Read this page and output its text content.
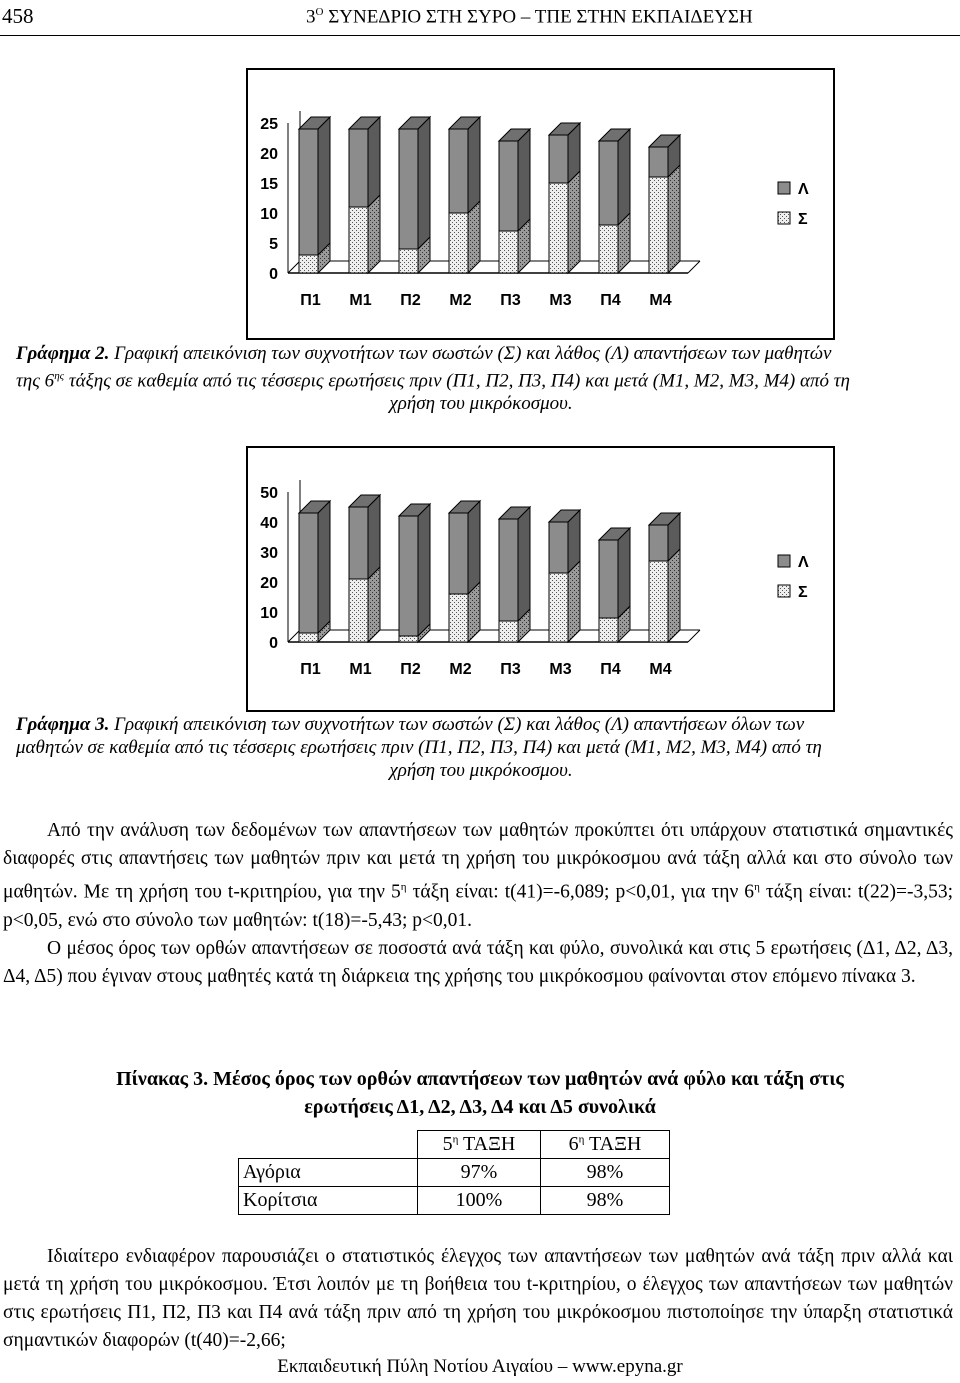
458	$3^O$ ΣΥΝΕΔΡΙΟ ΣΤΗ ΣΥΡΟ – ΤΠΕ ΣΤΗΝ ΕΚΠΑΙΔΕΥΣΗ
0
5
10
15
20
25
Π1 Μ1 Π2 Μ2 Π3 Μ3 Π4 Μ4
Λ
Σ
Γράφημα 2. Γραφική απεικόνιση των συχνοτήτων των σωστών (Σ) και λάθος (Λ) απαντήσεων των μαθητών
της $6^{\eta\varsigma}$ τάξης σε καθεμία από τις τέσσερις ερωτήσεις πριν (Π1, Π2, Π3, Π4) και μετά (Μ1, Μ2, Μ3, Μ4) από τη
χρήση του μικρόκοσμου.
0
10
20
30
40
50
Π1 Μ1 Π2 Μ2 Π3 Μ3 Π4 Μ4
Λ
Σ
Γράφημα 3. Γραφική απεικόνιση των συχνοτήτων των σωστών (Σ) και λάθος (Λ) απαντήσεων όλων των
μαθητών σε καθεμία από τις τέσσερις ερωτήσεις πριν (Π1, Π2, Π3, Π4) και μετά (Μ1, Μ2, Μ3, Μ4) από τη
χρήση του μικρόκοσμου.

Από την ανάλυση των δεδομένων των απαντήσεων των μαθητών προκύπτει ότι υπάρχουν στατιστικά σημαντικές διαφορές στις απαντήσεις των μαθητών πριν και μετά τη χρήση του μικρόκοσμου ανά τάξη αλλά και στο σύνολο των μαθητών. Με τη χρήση του t-κριτηρίου, για την $5^\eta$ τάξη είναι: t(41)=-6,089; p<0,01, για την $6^\eta$ τάξη είναι: t(22)=-3,53; p<0,05, ενώ στο σύνολο των μαθητών: t(18)=-5,43; p<0,01.

Ο μέσος όρος των ορθών απαντήσεων σε ποσοστά ανά τάξη και φύλο, συνολικά και στις 5 ερωτήσεις (Δ1, Δ2, Δ3, Δ4, Δ5) που έγιναν στους μαθητές κατά τη διάρκεια της χρήσης του μικρόκοσμου φαίνονται στον επόμενο πίνακα 3.

Πίνακας 3. Μέσος όρος των ορθών απαντήσεων των μαθητών ανά φύλο και τάξη στις
ερωτήσεις Δ1, Δ2, Δ3, Δ4 και Δ5 συνολικά
	$5^\eta$ ΤΑΞΗ	$6^\eta$ ΤΑΞΗ
Αγόρια	97%	98%
Κορίτσια	100%	98%

Ιδιαίτερο ενδιαφέρον παρουσιάζει ο στατιστικός έλεγχος των απαντήσεων των μαθητών ανά τάξη πριν αλλά και μετά τη χρήση του μικρόκοσμου. Έτσι λοιπόν με τη βοήθεια του t-κριτηρίου, ο έλεγχος των απαντήσεων των μαθητών στις ερωτήσεις Π1, Π2, Π3 και Π4 ανά τάξη πριν από τη χρήση του μικρόκοσμου πιστοποίησε την ύπαρξη στατιστικά σημαντικών διαφορών (t(40)=-2,66;

Εκπαιδευτική Πύλη Νοτίου Αιγαίου – www.epyna.gr
